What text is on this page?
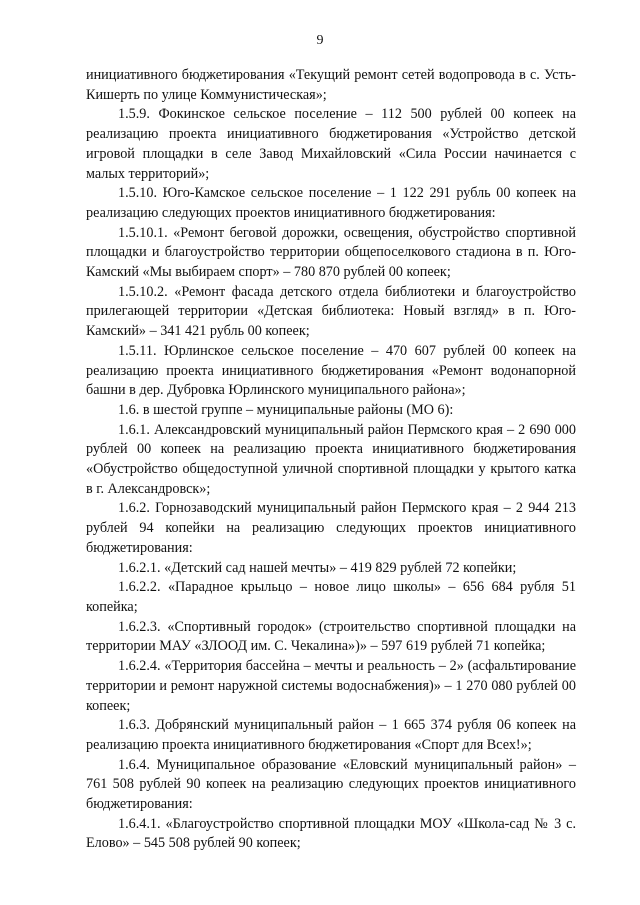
9

инициативного бюджетирования «Текущий ремонт сетей водопровода в с. Усть-Кишерть по улице Коммунистическая»;

1.5.9. Фокинское сельское поселение – 112 500 рублей 00 копеек на реализацию проекта инициативного бюджетирования «Устройство детской игровой площадки в селе Завод Михайловский «Сила России начинается с малых территорий»;

1.5.10. Юго-Камское сельское поселение – 1 122 291 рубль 00 копеек на реализацию следующих проектов инициативного бюджетирования:

1.5.10.1. «Ремонт беговой дорожки, освещения, обустройство спортивной площадки и благоустройство территории общепоселкового стадиона в п. Юго-Камский «Мы выбираем спорт» – 780 870 рублей 00 копеек;

1.5.10.2. «Ремонт фасада детского отдела библиотеки и благоустройство прилегающей территории «Детская библиотека: Новый взгляд» в п. Юго-Камский» – 341 421 рубль 00 копеек;

1.5.11. Юрлинское сельское поселение – 470 607 рублей 00 копеек на реализацию проекта инициативного бюджетирования «Ремонт водонапорной башни в дер. Дубровка Юрлинского муниципального района»;

1.6. в шестой группе – муниципальные районы (МО 6):

1.6.1. Александровский муниципальный район Пермского края – 2 690 000 рублей 00 копеек на реализацию проекта инициативного бюджетирования «Обустройство общедоступной уличной спортивной площадки у крытого катка в г. Александровск»;

1.6.2. Горнозаводский муниципальный район Пермского края – 2 944 213 рублей 94 копейки на реализацию следующих проектов инициативного бюджетирования:

1.6.2.1. «Детский сад нашей мечты» – 419 829 рублей 72 копейки;

1.6.2.2. «Парадное крыльцо – новое лицо школы» – 656 684 рубля 51 копейка;

1.6.2.3. «Спортивный городок» (строительство спортивной площадки на территории МАУ «ЗЛООД им. С. Чекалина»)» – 597 619 рублей 71 копейка;

1.6.2.4. «Территория бассейна – мечты и реальность – 2» (асфальтирование территории и ремонт наружной системы водоснабжения)» – 1 270 080 рублей 00 копеек;

1.6.3. Добрянский муниципальный район – 1 665 374 рубля 06 копеек на реализацию проекта инициативного бюджетирования «Спорт для Всех!»;

1.6.4. Муниципальное образование «Еловский муниципальный район» – 761 508 рублей 90 копеек на реализацию следующих проектов инициативного бюджетирования:

1.6.4.1. «Благоустройство спортивной площадки МОУ «Школа-сад № 3 с. Елово» – 545 508 рублей 90 копеек;
